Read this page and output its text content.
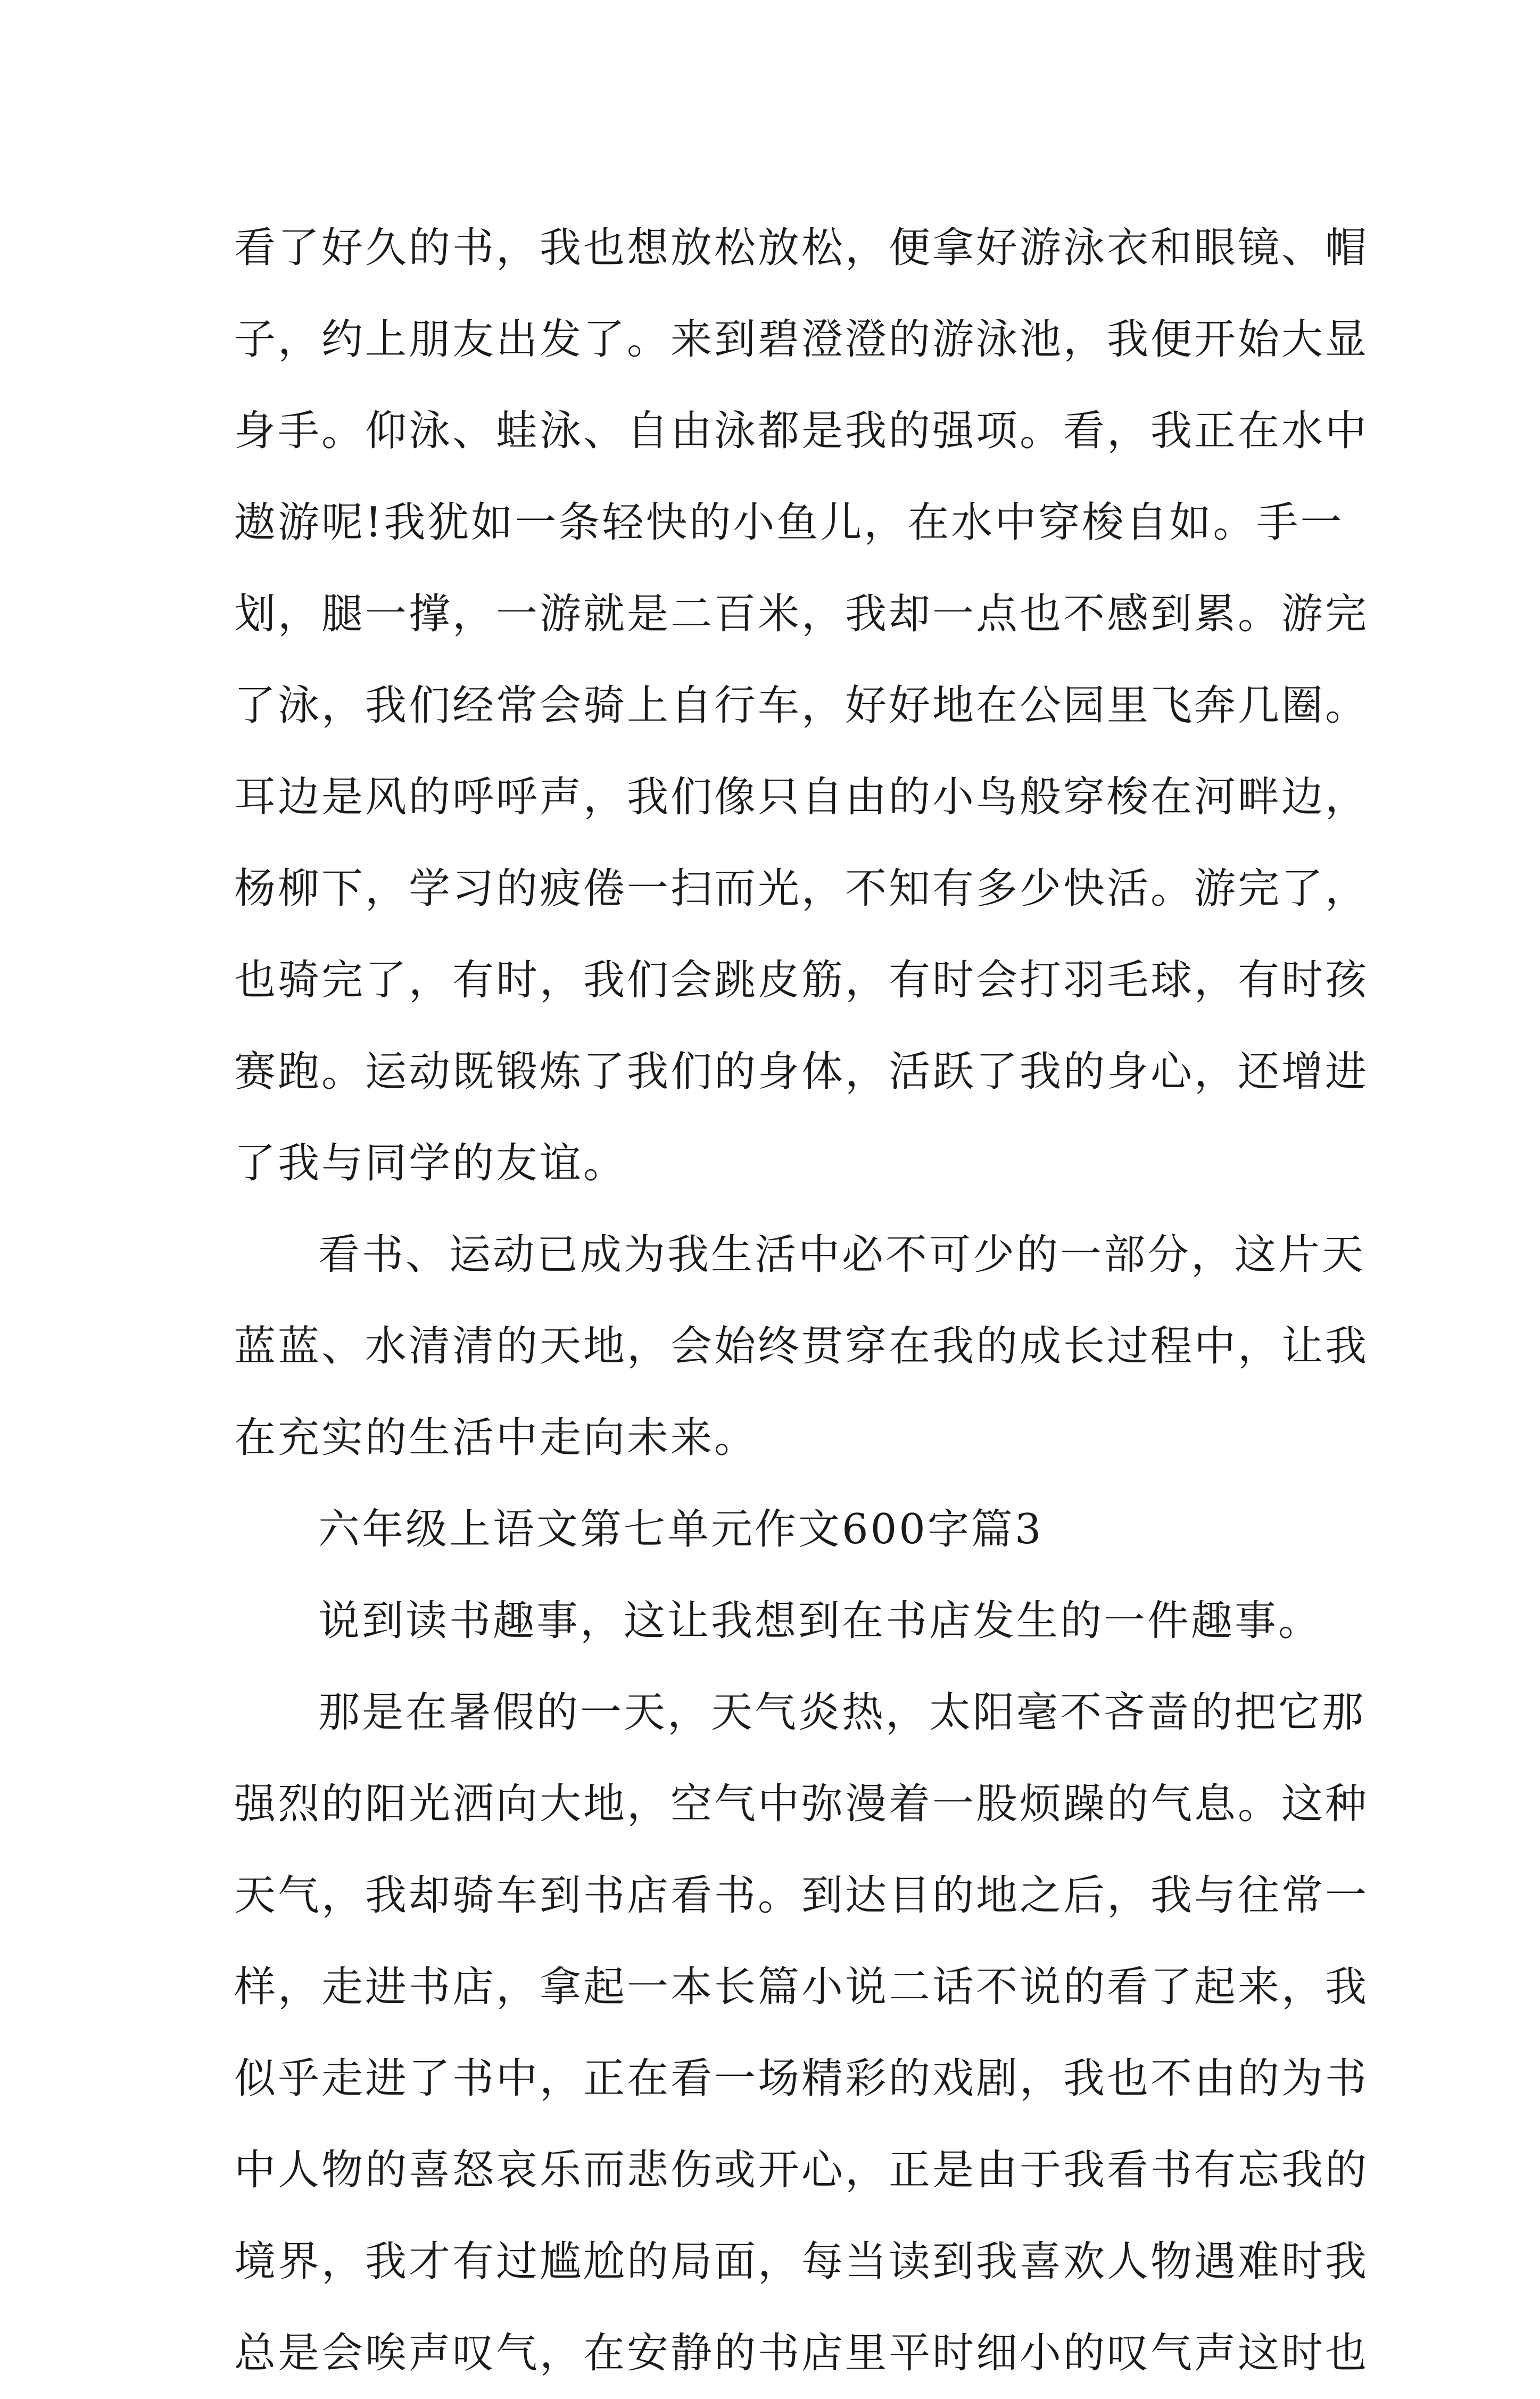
看了好久的书，我也想放松放松，便拿好游泳衣和眼镜、帽
子，约上朋友出发了。来到碧澄澄的游泳池，我便开始大显
身手。仰泳、蛙泳、自由泳都是我的强项。看，我正在水中
遨游呢!我犹如一条轻快的小鱼儿，在水中穿梭自如。手一
划，腿一撑，一游就是二百米，我却一点也不感到累。游完
了泳，我们经常会骑上自行车，好好地在公园里飞奔几圈。
耳边是风的呼呼声，我们像只自由的小鸟般穿梭在河畔边，
杨柳下，学习的疲倦一扫而光，不知有多少快活。游完了，
也骑完了，有时，我们会跳皮筋，有时会打羽毛球，有时孩
赛跑。运动既锻炼了我们的身体，活跃了我的身心，还增进
了我与同学的友谊。
看书、运动已成为我生活中必不可少的一部分，这片天
蓝蓝、水清清的天地，会始终贯穿在我的成长过程中，让我
在充实的生活中走向未来。
六年级上语文第七单元作文600字篇3
说到读书趣事，这让我想到在书店发生的一件趣事。
那是在暑假的一天，天气炎热，太阳毫不吝啬的把它那
强烈的阳光洒向大地，空气中弥漫着一股烦躁的气息。这种
天气，我却骑车到书店看书。到达目的地之后，我与往常一
样，走进书店，拿起一本长篇小说二话不说的看了起来，我
似乎走进了书中，正在看一场精彩的戏剧，我也不由的为书
中人物的喜怒哀乐而悲伤或开心，正是由于我看书有忘我的
境界，我才有过尴尬的局面，每当读到我喜欢人物遇难时我
总是会唉声叹气，在安静的书店里平时细小的叹气声这时也
